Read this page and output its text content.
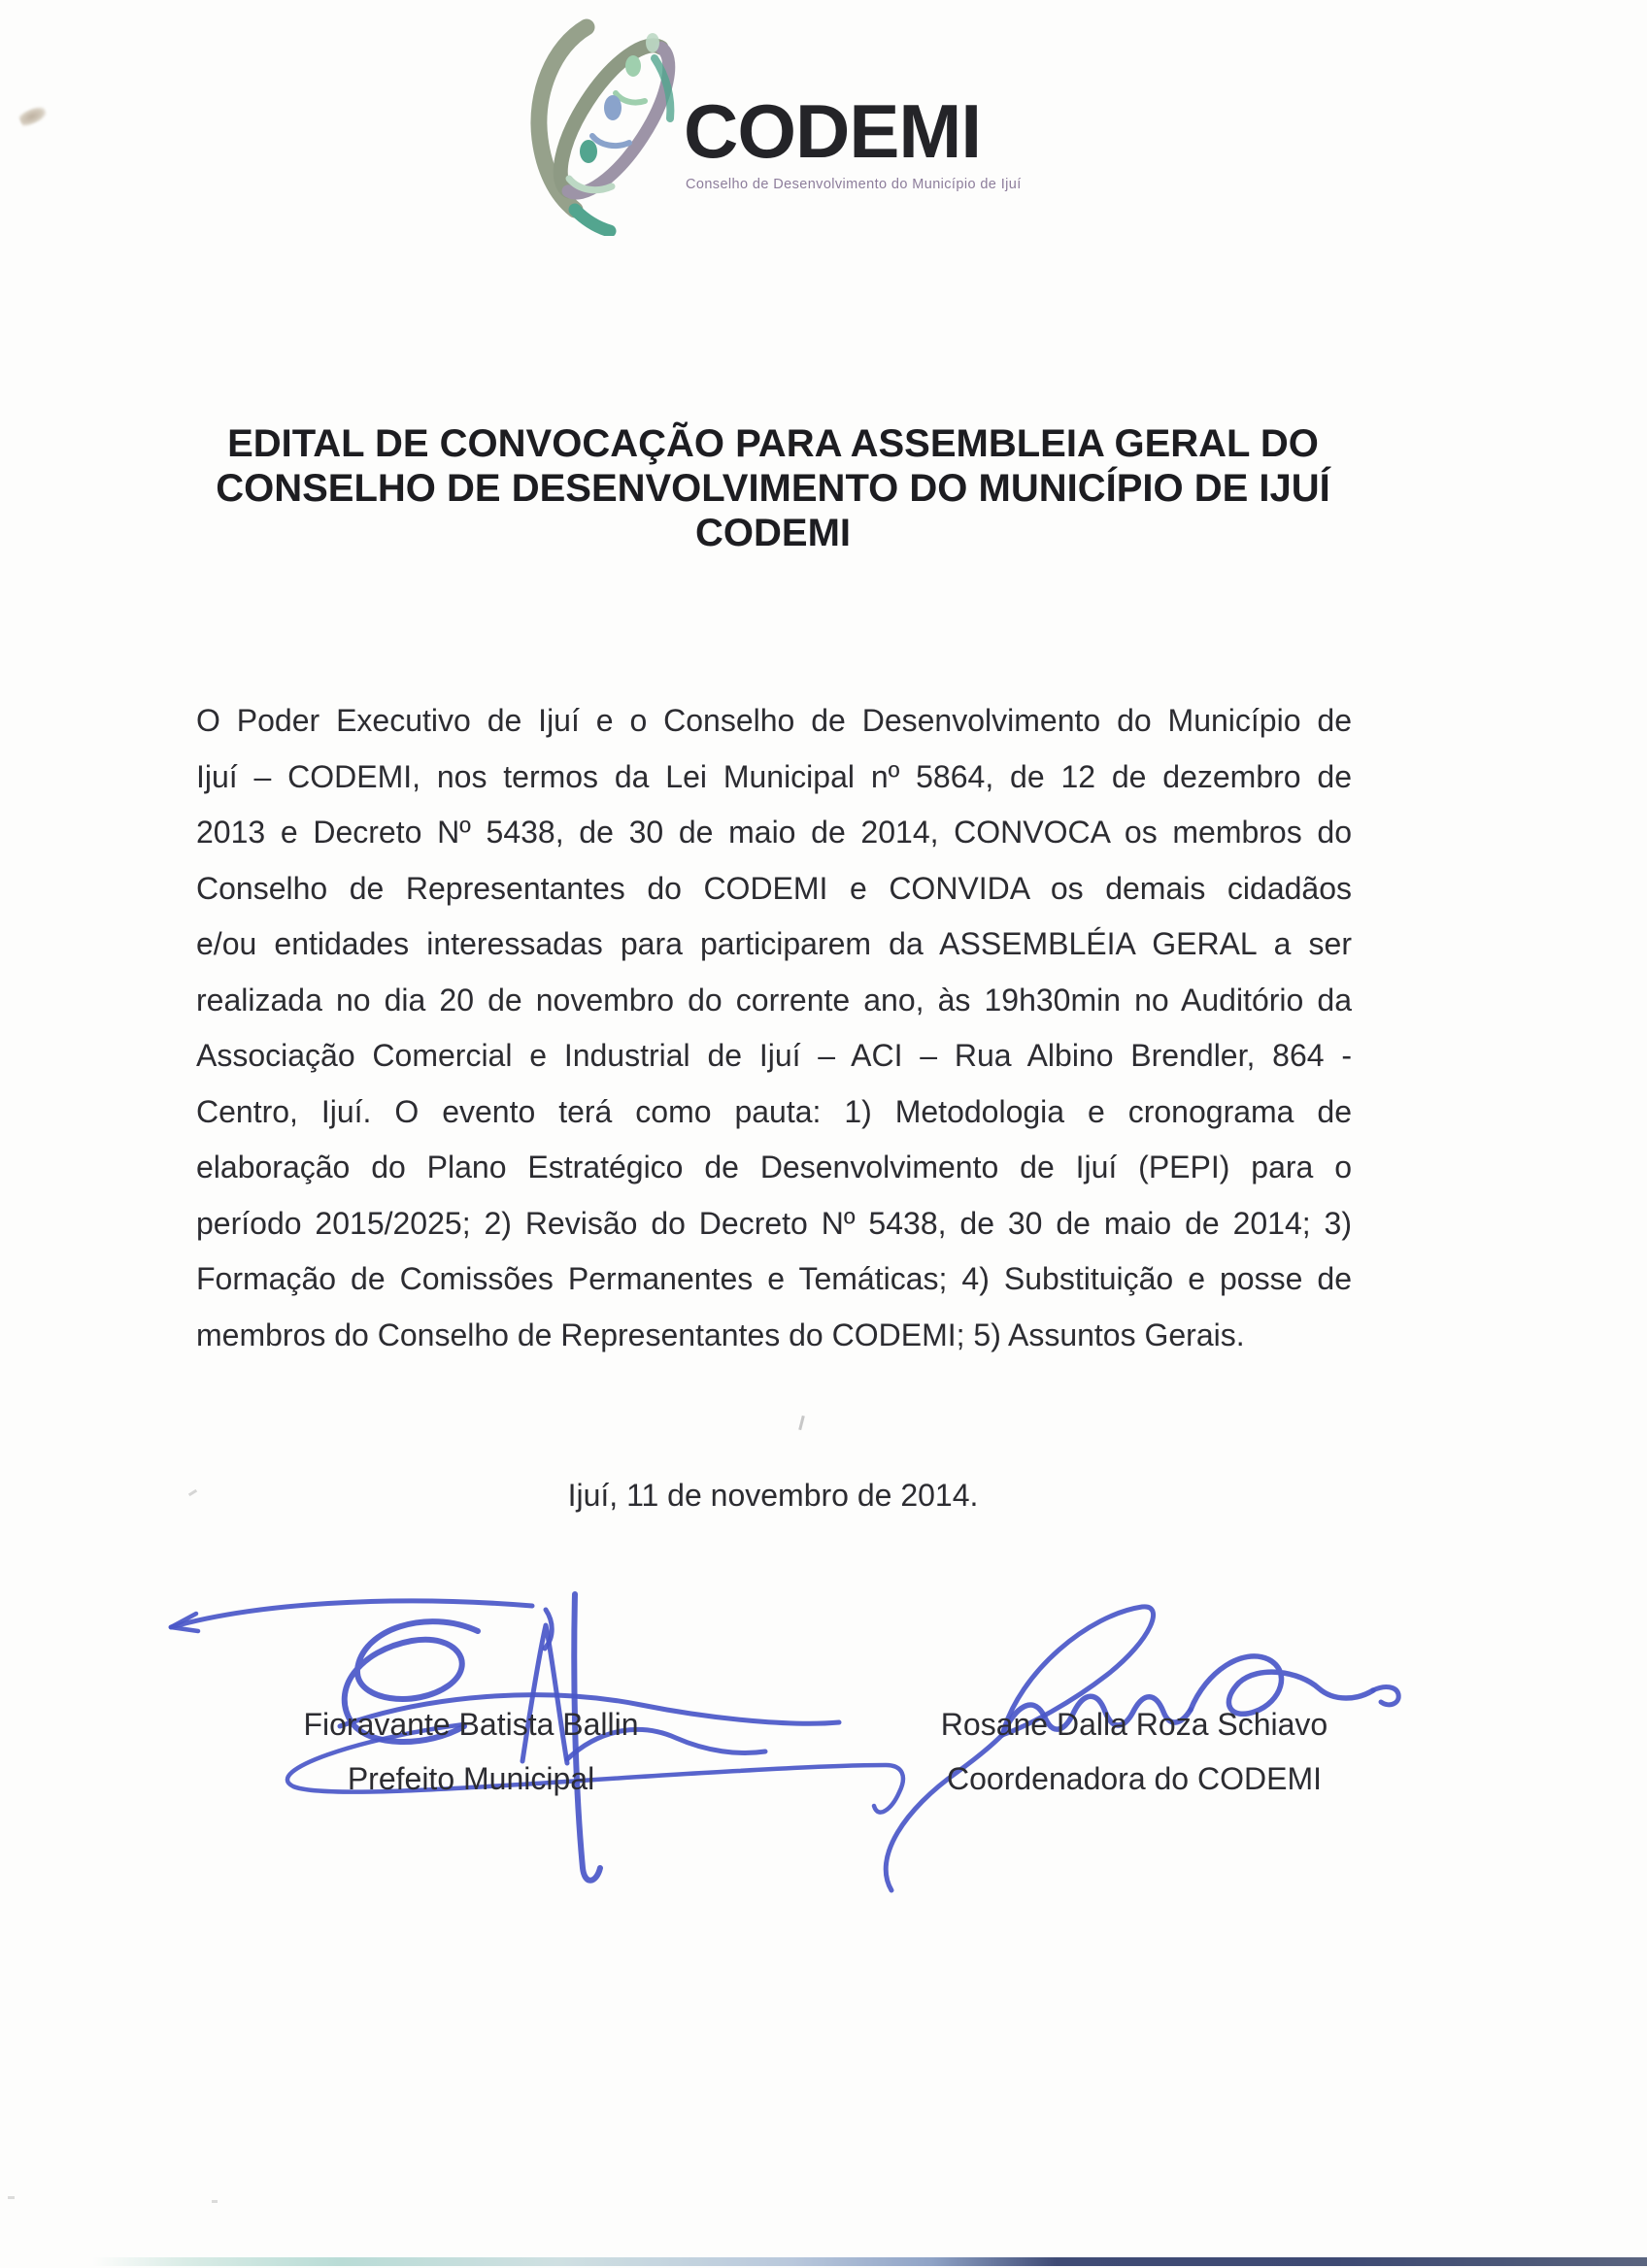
CODEMI
Conselho de Desenvolvimento do Município de Ijuí
EDITAL DE CONVOCAÇÃO PARA ASSEMBLEIA GERAL DO
CONSELHO DE DESENVOLVIMENTO DO MUNICÍPIO DE IJUÍ
CODEMI
O Poder Executivo de Ijuí e o Conselho de Desenvolvimento do Município de
Ijuí – CODEMI, nos termos da Lei Municipal nº 5864, de 12 de dezembro de
2013 e Decreto Nº 5438, de 30 de maio de 2014, CONVOCA os membros do
Conselho de Representantes do CODEMI e CONVIDA os demais cidadãos
e/ou entidades interessadas para participarem da ASSEMBLÉIA GERAL a ser
realizada no dia 20 de novembro do corrente ano, às 19h30min no Auditório da
Associação Comercial e Industrial de Ijuí – ACI – Rua Albino Brendler, 864 -
Centro, Ijuí. O evento terá como pauta: 1) Metodologia e cronograma de
elaboração do Plano Estratégico de Desenvolvimento de Ijuí (PEPI) para o
período 2015/2025; 2) Revisão do Decreto Nº 5438, de 30 de maio de 2014; 3)
Formação de Comissões Permanentes e Temáticas; 4) Substituição e posse de
membros do Conselho de Representantes do CODEMI; 5) Assuntos Gerais.
Ijuí, 11 de novembro de 2014.
Fioravante Batista Ballin
Prefeito Municipal
Rosane Dalla Roza Schiavo
Coordenadora do CODEMI
